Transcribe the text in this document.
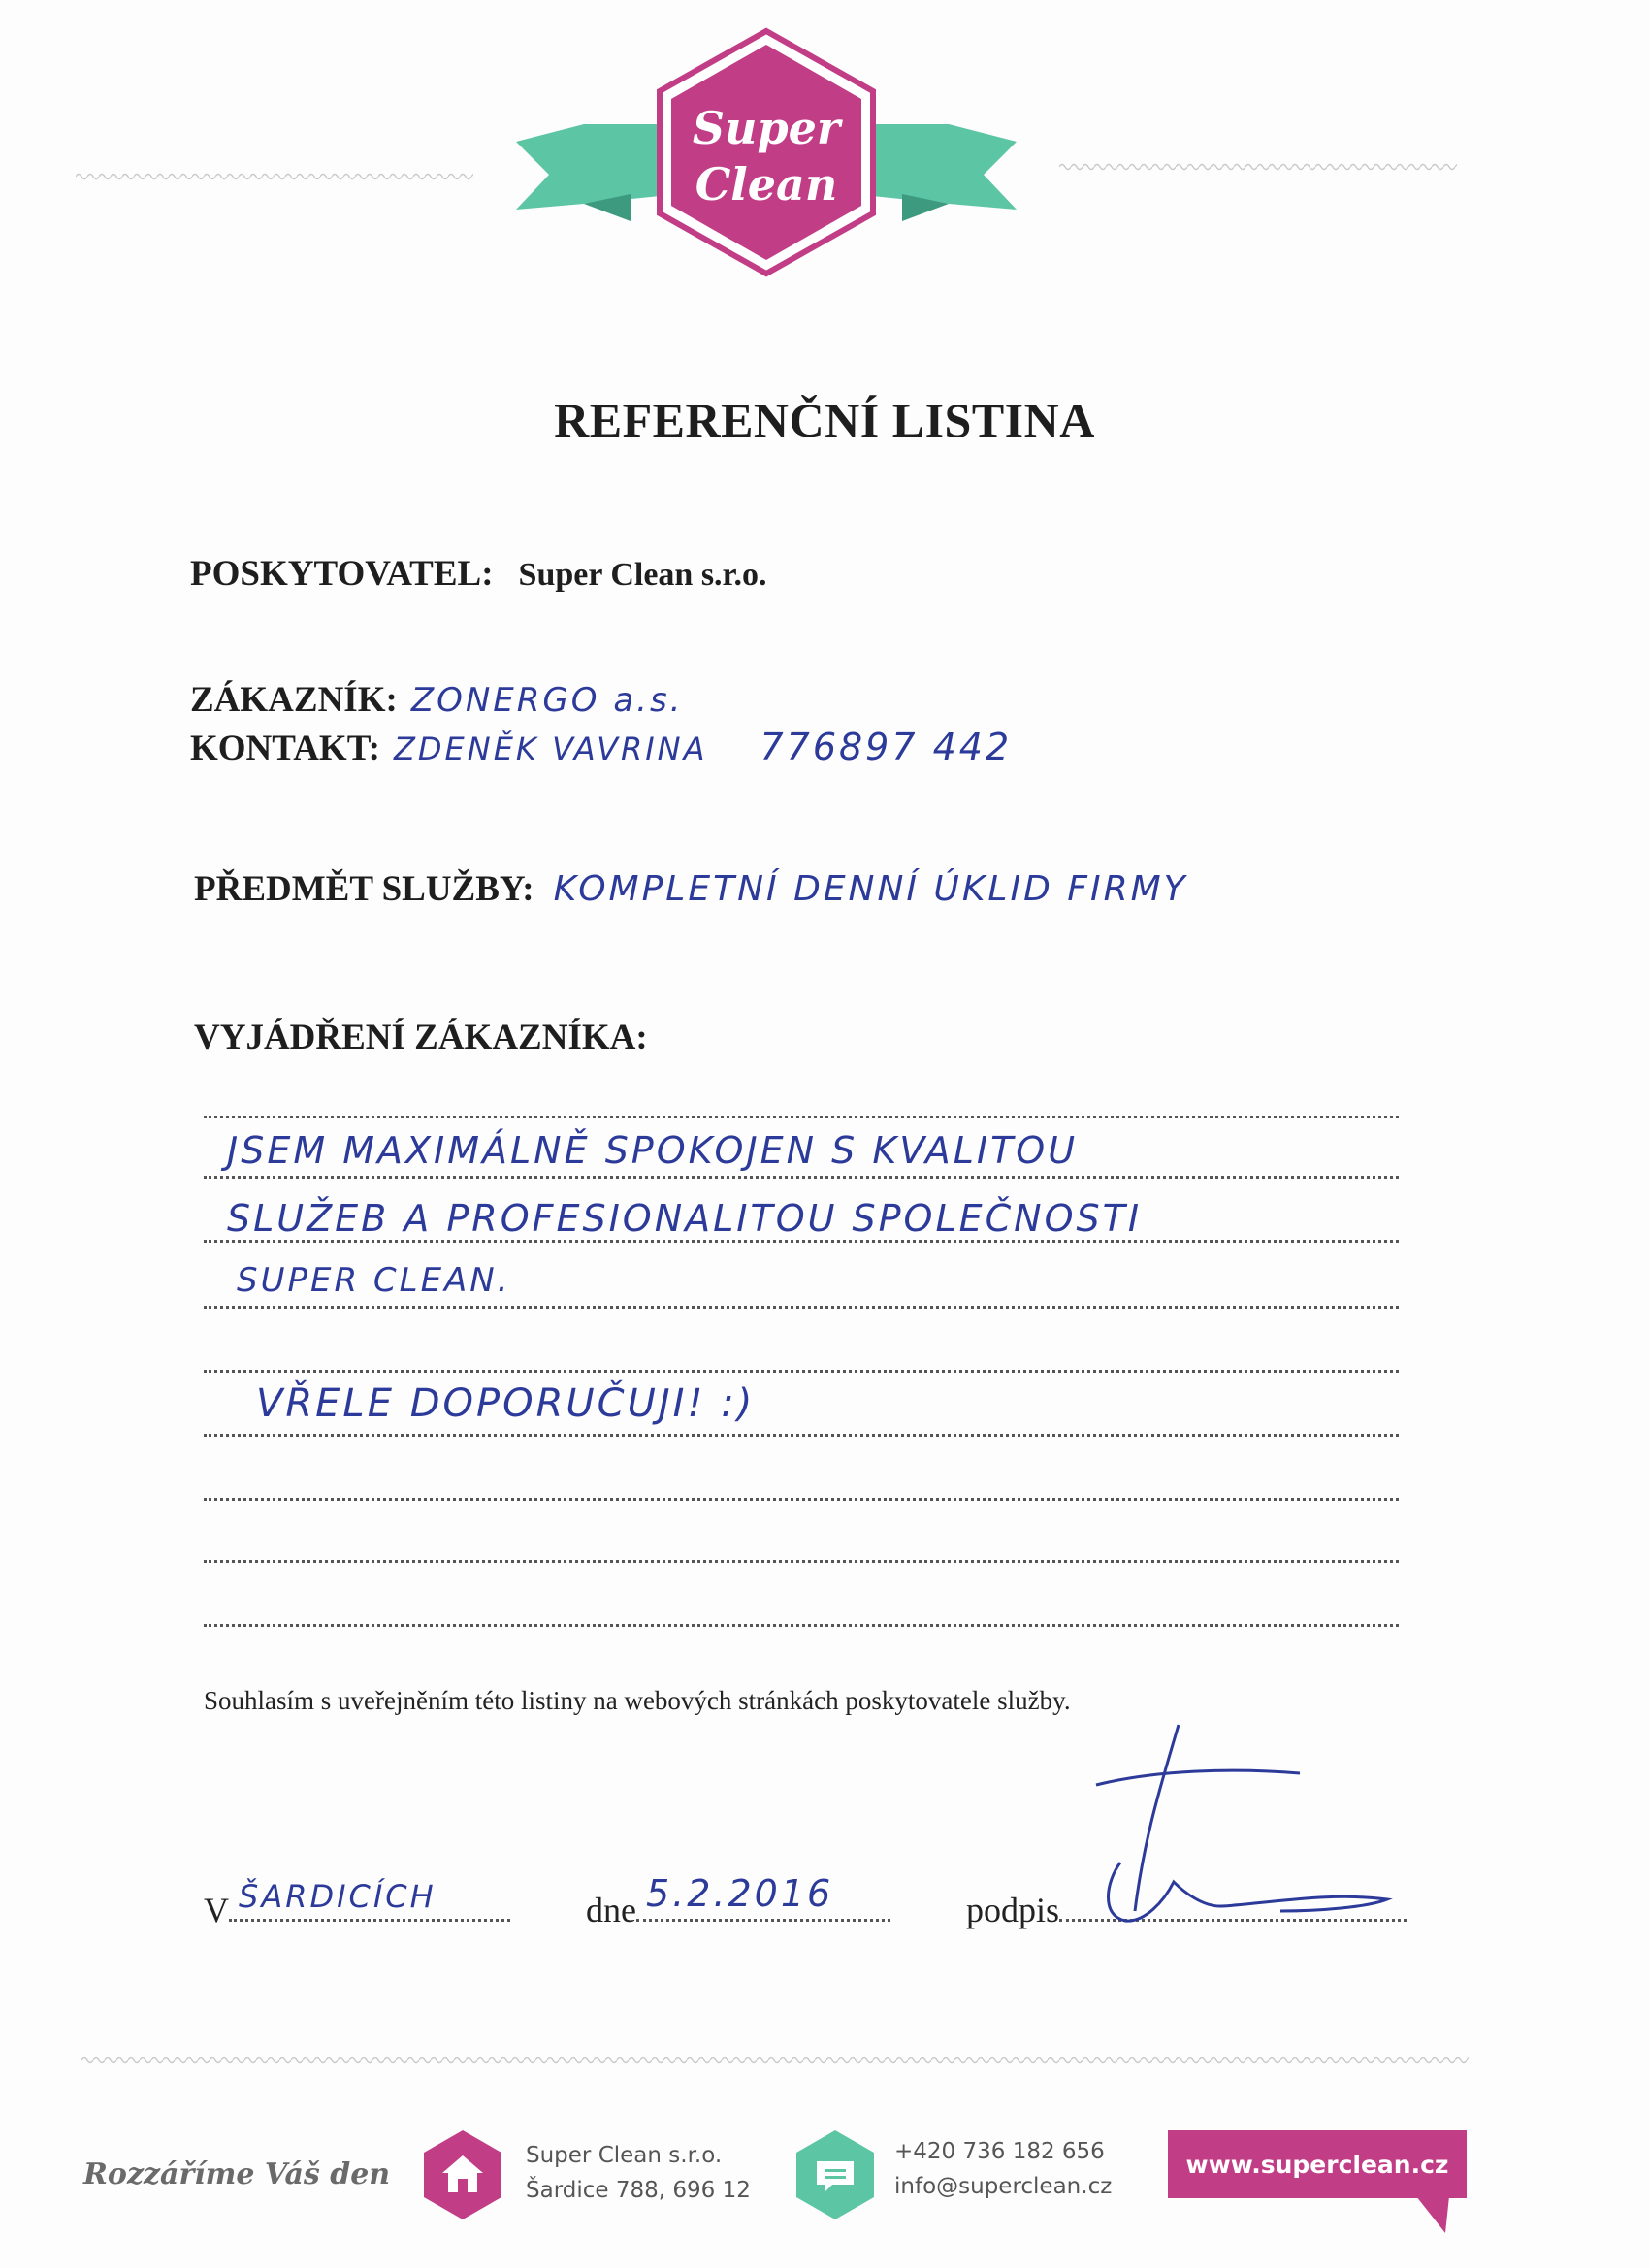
Super
Clean
REFERENČNÍ LISTINA
POSKYTOVATEL: Super Clean s.r.o.
ZÁKAZNÍK: ZONERGO a.s.
KONTAKT: ZDENĚK VAVRINA 776897 442
PŘEDMĚT SLUŽBY: KOMPLETNÍ DENNÍ ÚKLID FIRMY
VYJÁDŘENÍ ZÁKAZNÍKA:
JSEM MAXIMÁLNĚ SPOKOJEN S KVALITOU
SLUŽEB A PROFESIONALITOU SPOLEČNOSTI
SUPER CLEAN.
VŘELE DOPORUČUJI! :)
Souhlasím s uveřejněním této listiny na webových stránkách poskytovatele služby.
V ŠARDICÍCH	dne 5.2.2016	podpis
Rozzáříme Váš den
Super Clean s.r.o.
Šardice 788, 696 12
+420 736 182 656
info@superclean.cz
www.superclean.cz
